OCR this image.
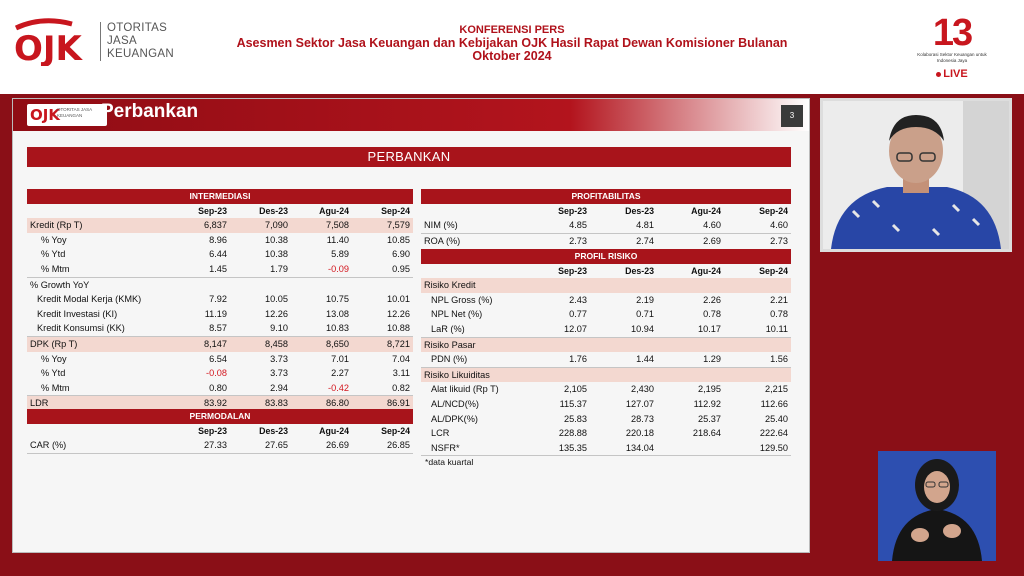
OJK
OTORITAS
JASA
KEUANGAN
KONFERENSI PERS
Asesmen Sektor Jasa Keuangan dan Kebijakan OJK Hasil Rapat Dewan Komisioner Bulanan
Oktober 2024
13
Kolaborasi Sektor Keuangan untuk Indonesia Jaya
LIVE
OJK
OTORITAS JASA KEUANGAN Perbankan	3
PERBANKAN
INTERMEDIASI				
	Sep-23	Des-23	Agu-24	Sep-24
Kredit (Rp T)	6,837	7,090	7,508	7,579
% Yoy	8.96	10.38	11.40	10.85
% Ytd	6.44	10.38	5.89	6.90
% Mtm	1.45	1.79	-0.09	0.95
% Growth YoY				
Kredit Modal Kerja (KMK)	7.92	10.05	10.75	10.01
Kredit Investasi (KI)	11.19	12.26	13.08	12.26
Kredit Konsumsi (KK)	8.57	9.10	10.83	10.88
DPK (Rp T)	8,147	8,458	8,650	8,721
% Yoy	6.54	3.73	7.01	7.04
% Ytd	-0.08	3.73	2.27	3.11
% Mtm	0.80	2.94	-0.42	0.82
LDR	83.92	83.83	86.80	86.91
PERMODALAN				
	Sep-23	Des-23	Agu-24	Sep-24
CAR (%)	27.33	27.65	26.69	26.85
PROFITABILITAS				
	Sep-23	Des-23	Agu-24	Sep-24
NIM (%)	4.85	4.81	4.60	4.60
ROA (%)	2.73	2.74	2.69	2.73
PROFIL RISIKO				
	Sep-23	Des-23	Agu-24	Sep-24
Risiko Kredit				
NPL Gross (%)	2.43	2.19	2.26	2.21
NPL Net (%)	0.77	0.71	0.78	0.78
LaR (%)	12.07	10.94	10.17	10.11
Risiko Pasar				
PDN (%)	1.76	1.44	1.29	1.56
Risiko Likuiditas				
Alat likuid (Rp T)	2,105	2,430	2,195	2,215
AL/NCD(%)	115.37	127.07	112.92	112.66
AL/DPK(%)	25.83	28.73	25.37	25.40
LCR	228.88	220.18	218.64	222.64
NSFR*	135.35	134.04		129.50
*data kuartal
